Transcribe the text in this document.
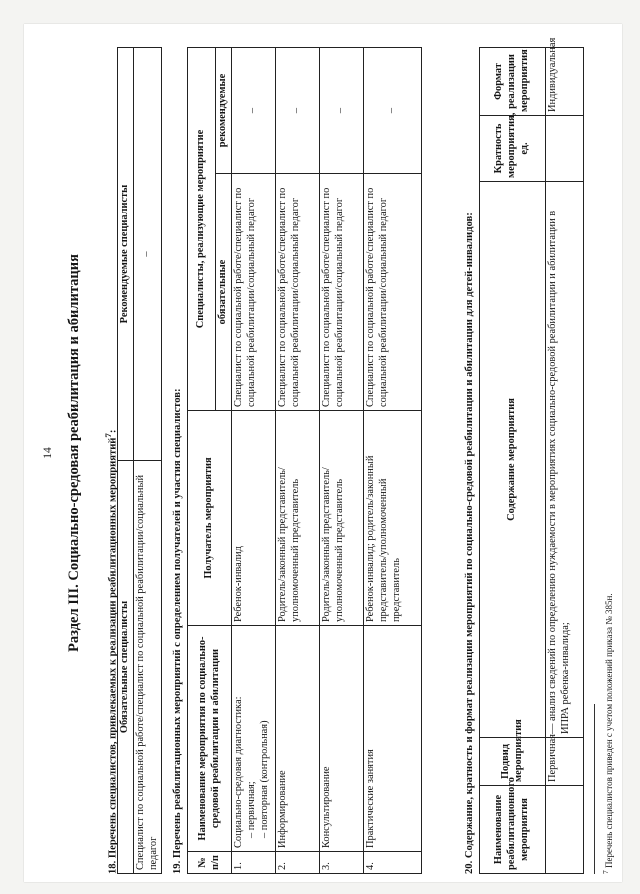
14 Раздел III. Социально-средовая реабилитация и абилитация	18. Перечень специалистов, привлекаемых к реализации реабилитационных мероприятий$^7$:
Обязательные специалисты	Рекомендуемые специалисты
Специалист по социальной работе/специалист по социальной реабилитации/социальный педагог	–
19. Перечень реабилитационных мероприятий с определением получателей и участия специалистов: № п/п	Наименование мероприятия по социально-средовой реабилитации и абилитации	Получатель мероприятия	Специалисты, реализующие мероприятие	
			обязательные	рекомендуемые
1.	Социально-средовая диагностика: – первичная; – повторная (контрольная)	Ребенок-инвалид	Специалист по социальной работе/специалист по социальной реабилитации/социальный педагог	–
2.	Информирование	Родитель/законный представитель/ уполномоченный представитель	Специалист по социальной работе/специалист по социальной реабилитации/социальный педагог	–
3.	Консультирование	Родитель/законный представитель/ уполномоченный представитель	Специалист по социальной работе/специалист по социальной реабилитации/социальный педагог	–
4.	Практические занятия	Ребенок-инвалид; родитель/законный представитель/уполномоченный представитель	Специалист по социальной работе/специалист по социальной реабилитации/социальный педагог	–
20. Содержание, кратность и формат реализации мероприятий по социально-средовой реабилитации и абилитации для детей-инвалидов: Наименование реабилитационного мероприятия	Подвид мероприятия	Содержание мероприятия	Кратность мероприятия, ед.	Формат реализации мероприятия
	Первичная	— анализ сведений по определению нуждаемости в мероприятиях социально-средовой реабилитации и абилитации в ИПРА ребенка-инвалида;		Индивидуальная
$^7$ Перечень специалистов приведен с учетом положений приказа № 385н.
